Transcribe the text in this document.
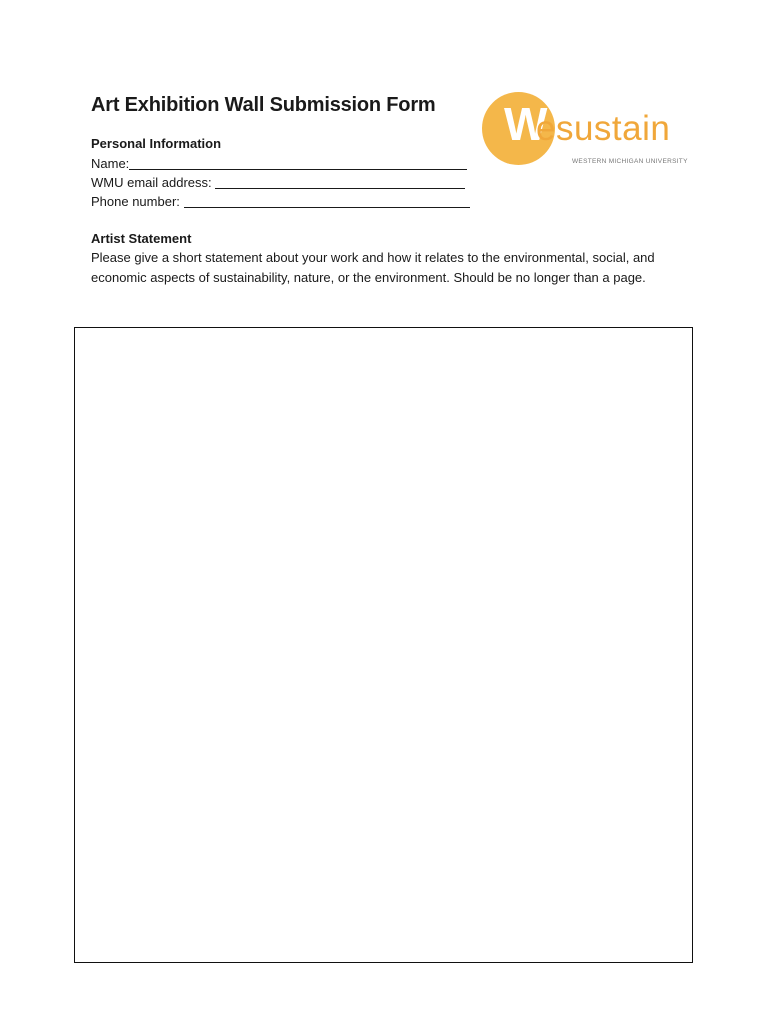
Art Exhibition Wall Submission Form W
esustain
WESTERN MICHIGAN UNIVERSITY
Personal Information
Name:
WMU email address:
Phone number:
Artist Statement
Please give a short statement about your work and how it relates to the environmental, social, and economic aspects of sustainability, nature, or the environment. Should be no longer than a page.
